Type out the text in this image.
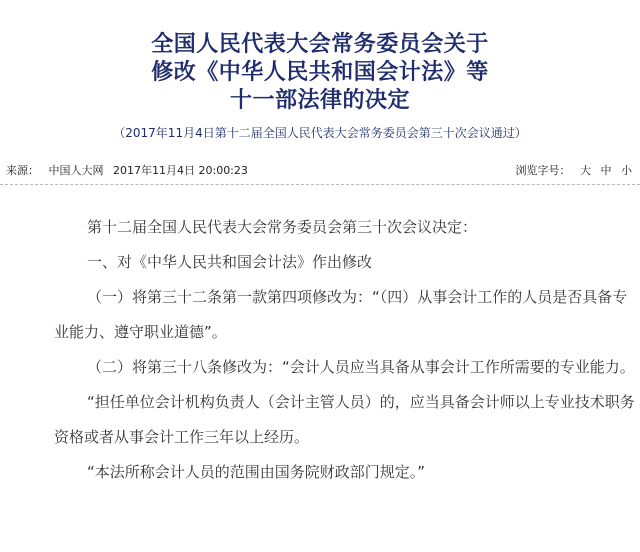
全国人民代表大会常务委员会关于
修改《中华人民共和国会计法》等
十一部法律的决定
（2017年11月4日第十二届全国人民代表大会常务委员会第三十次会议通过）
来源： 中国人大网 2017年11月4日 20:00:23	浏览字号： 大 中 小

第十二届全国人民代表大会常务委员会第三十次会议决定：

一、对《中华人民共和国会计法》作出修改

（一）将第三十二条第一款第四项修改为：“（四）从事会计工作的人员是否具备专业能力、遵守职业道德”。

（二）将第三十八条修改为：“会计人员应当具备从事会计工作所需要的专业能力。

“担任单位会计机构负责人（会计主管人员）的，应当具备会计师以上专业技术职务资格或者从事会计工作三年以上经历。

“本法所称会计人员的范围由国务院财政部门规定。”
